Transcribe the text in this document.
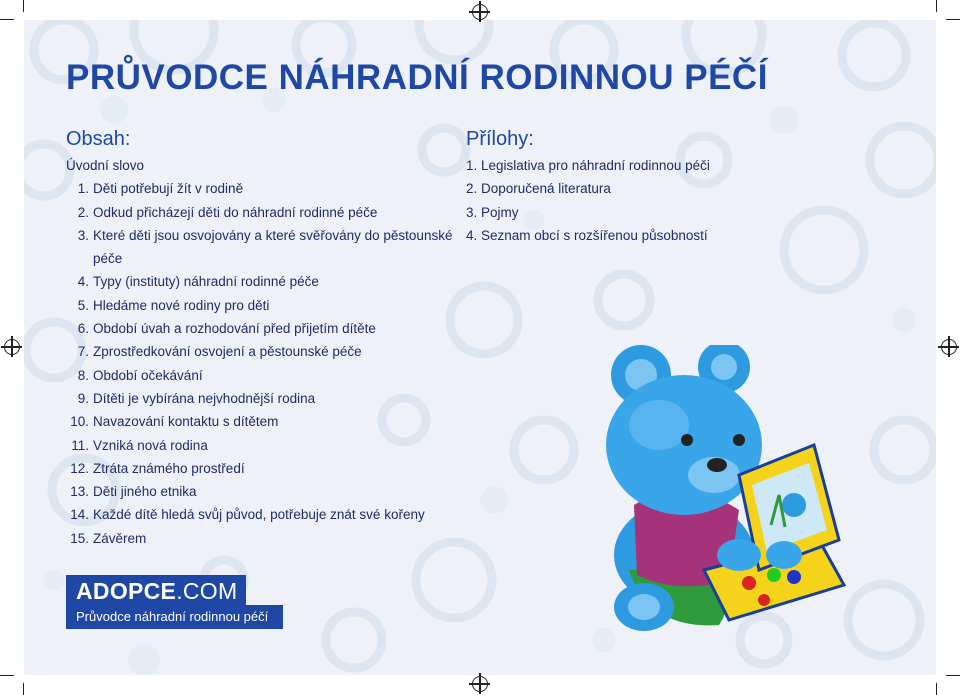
PRŮVODCE NÁHRADNÍ RODINNOU PÉČÍ
Obsah:
Úvodní slovo
1. Děti potřebují žít v rodině
2. Odkud přicházejí děti do náhradní rodinné péče
3. Které děti jsou osvojovány a které svěřovány do pěstounské
péče
4. Typy (instituty) náhradní rodinné péče
5. Hledáme nové rodiny pro děti
6. Období úvah a rozhodování před přijetím dítěte
7. Zprostředkování osvojení a pěstounské péče
8. Období očekávání
9. Dítěti je vybírána nejvhodnější rodina
10. Navazování kontaktu s dítětem
11. Vzniká nová rodina
12. Ztráta známého prostředí
13. Děti jiného etnika
14. Každé dítě hledá svůj původ, potřebuje znát své kořeny
15. Závěrem
Přílohy:
1. Legislativa pro náhradní rodinnou péči
2. Doporučená literatura
3. Pojmy
4. Seznam obcí s rozšířenou působností
ADOPCE.COM
Průvodce náhradní rodinnou péčí
